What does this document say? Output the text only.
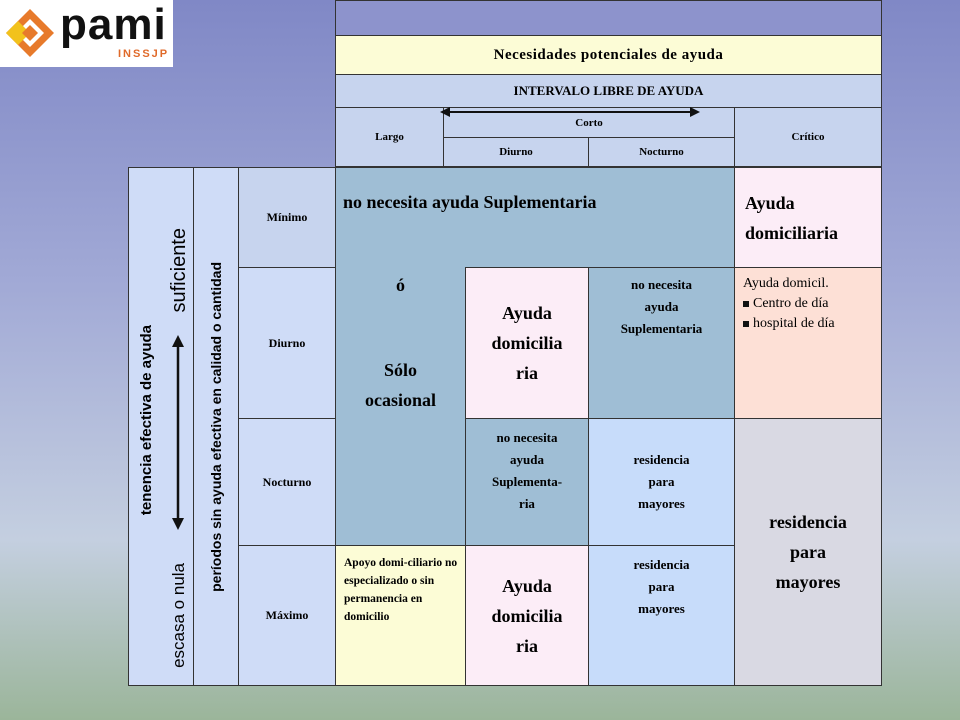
pami
INSSJP	Necesidades potenciales de ayuda
INTERVALO LIBRE DE AYUDA
Largo
Corto
Diurno	Nocturno
Crítico
tenencia efectiva de ayuda
suficiente
escasa o nula
períodos sin ayuda efectiva en calidad o cantidad
Mínimo
Diurno
Nocturno
Máximo
no necesita ayuda Suplementaria
ó
Sólo
ocasional
Ayuda
domiciliaria
Ayuda
domicilia
ria
no necesita
ayuda
Suplementaria
Ayuda domicil.
Centro de día
hospital de día
no necesita
ayuda
Suplementa-
ria
residencia
para
mayores
residencia
para
mayores
Apoyo domi-ciliario no especializado o sin permanencia en domicilio
Ayuda
domicilia
ria
residencia
para
mayores
